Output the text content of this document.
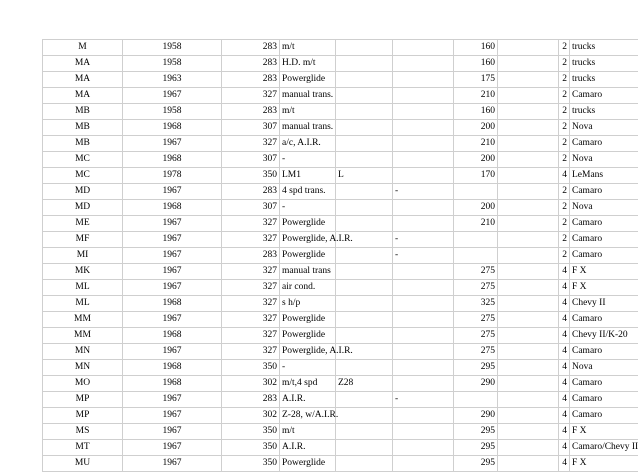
M	1958	283	m/t			160		2	trucks
MA	1958	283	H.D. m/t			160		2	trucks
MA	1963	283	Powerglide			175		2	trucks
MA	1967	327	manual trans.			210		2	Camaro
MB	1958	283	m/t			160		2	trucks
MB	1968	307	manual trans.			200		2	Nova
MB	1967	327	a/c, A.I.R.			210		2	Camaro
MC	1968	307	-			200		2	Nova
MC	1978	350	LM1	L		170		4	LeMans
MD	1967	283	4 spd trans.		-			2	Camaro
MD	1968	307	-			200		2	Nova
ME	1967	327	Powerglide			210		2	Camaro
MF	1967	327	Powerglide, A.I.R.		-			2	Camaro
MI	1967	283	Powerglide		-			2	Camaro
MK	1967	327	manual trans			275		4	F X
ML	1967	327	air cond.			275		4	F X
ML	1968	327	s h/p			325		4	Chevy II
MM	1967	327	Powerglide			275		4	Camaro
MM	1968	327	Powerglide			275		4	Chevy II/K-20
MN	1967	327	Powerglide, A.I.R.			275		4	Camaro
MN	1968	350	-			295		4	Nova
MO	1968	302	m/t,4 spd	Z28		290		4	Camaro
MP	1967	283	A.I.R.		-			4	Camaro
MP	1967	302	Z-28, w/A.I.R.			290		4	Camaro
MS	1967	350	m/t			295		4	F X
MT	1967	350	A.I.R.			295		4	Camaro/Chevy II
MU	1967	350	Powerglide			295		4	F X
